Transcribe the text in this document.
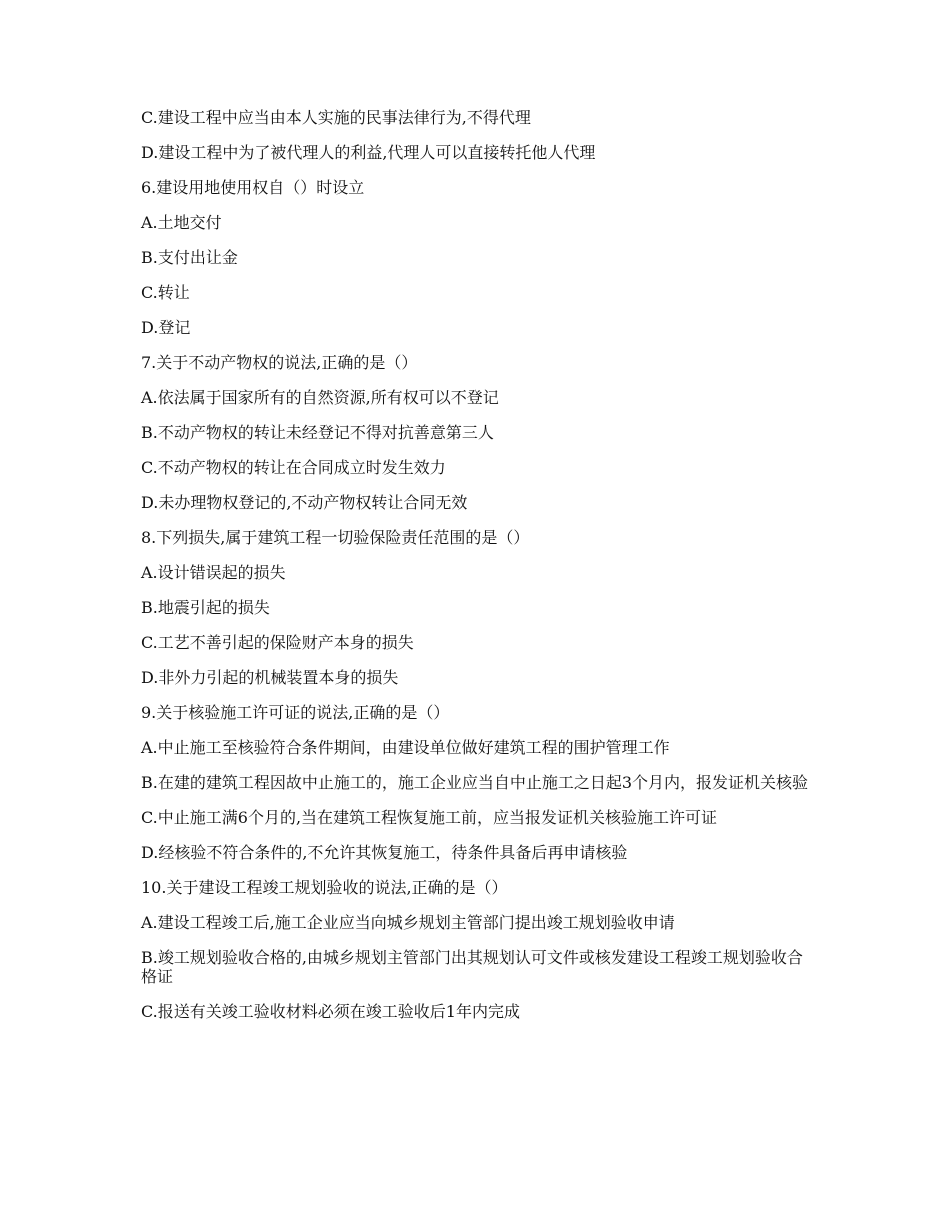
C.建设工程中应当由本人实施的民事法律行为,不得代理

D.建设工程中为了被代理人的利益,代理人可以直接转托他人代理

6.建设用地使用权自（）时设立

A.土地交付

B.支付出让金

C.转让

D.登记

7.关于不动产物权的说法,正确的是（）

A.依法属于国家所有的自然资源,所有权可以不登记

B.不动产物权的转让未经登记不得对抗善意第三人

C.不动产物权的转让在合同成立时发生效力

D.未办理物权登记的,不动产物权转让合同无效

8.下列损失,属于建筑工程一切验保险责任范围的是（）

A.设计错误起的损失

B.地震引起的损失

C.工艺不善引起的保险财产本身的损失

D.非外力引起的机械装置本身的损失

9.关于核验施工许可证的说法,正确的是（）

A.中止施工至核验符合条件期间，由建设单位做好建筑工程的围护管理工作

B.在建的建筑工程因故中止施工的，施工企业应当自中止施工之日起3个月内，报发证机关核验

C.中止施工满6个月的,当在建筑工程恢复施工前，应当报发证机关核验施工许可证

D.经核验不符合条件的,不允许其恢复施工，待条件具备后再申请核验

10.关于建设工程竣工规划验收的说法,正确的是（）

A.建设工程竣工后,施工企业应当向城乡规划主管部门提出竣工规划验收申请

B.竣工规划验收合格的,由城乡规划主管部门出其规划认可文件或核发建设工程竣工规划验收合格证

C.报送有关竣工验收材料必须在竣工验收后1年内完成
